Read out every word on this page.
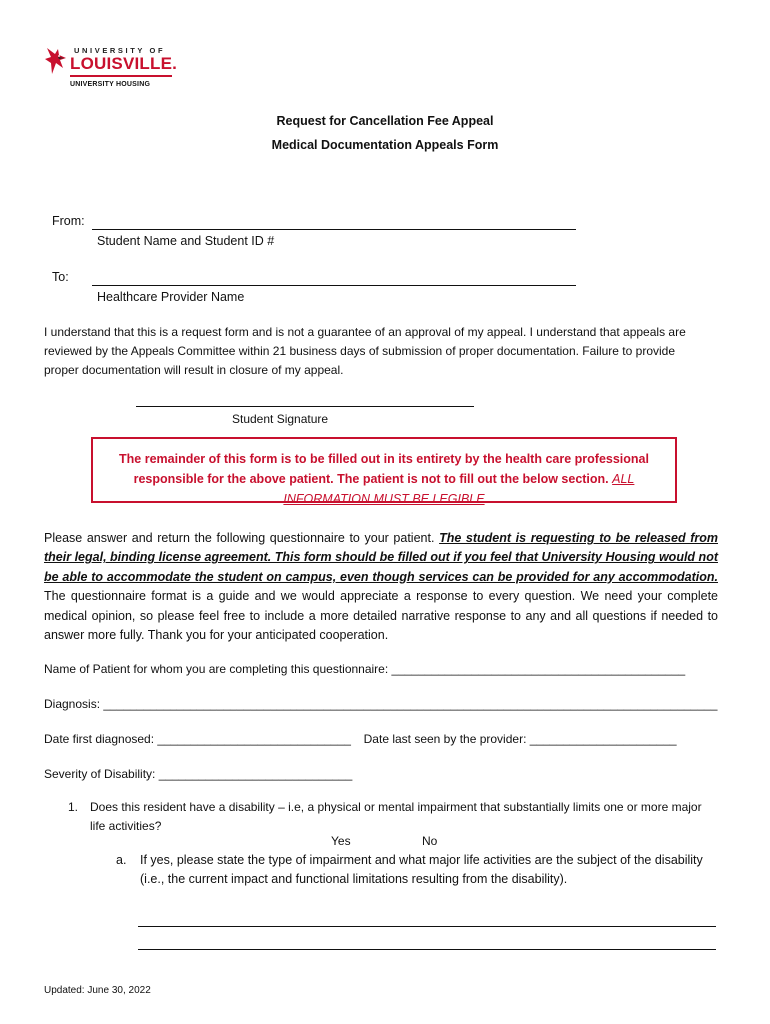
UNIVERSITY OF
LOUISVILLE.
UNIVERSITY HOUSING
Request for Cancellation Fee Appeal
Medical Documentation Appeals Form
From:
Student Name and Student ID #
To:
Healthcare Provider Name
I understand that this is a request form and is not a guarantee of an approval of my appeal. I understand that appeals are reviewed by the Appeals Committee within 21 business days of submission of proper documentation. Failure to provide proper documentation will result in closure of my appeal.
Student Signature
The remainder of this form is to be filled out in its entirety by the health care professional
responsible for the above patient. The patient is not to fill out the below section. ALL INFORMATION MUST BE LEGIBLE
Please answer and return the following questionnaire to your patient. The student is requesting to be released from their legal, binding license agreement. This form should be filled out if you feel that University Housing would not be able to accommodate the student on campus, even though services can be provided for any accommodation. The questionnaire format is a guide and we would appreciate a response to every question. We need your complete medical opinion, so please feel free to include a more detailed narrative response to any and all questions if needed to answer more fully. Thank you for your anticipated cooperation.
Name of Patient for whom you are completing this questionnaire: ____________________________________________
Diagnosis: ____________________________________________________________________________________________
Date first diagnosed: _____________________________ Date last seen by the provider: ______________________
Severity of Disability: _____________________________
1. Does this resident have a disability – i.e, a physical or mental impairment that substantially limits one or more major life activities?
Yes	No
a. If yes, please state the type of impairment and what major life activities are the subject of the disability (i.e., the current impact and functional limitations resulting from the disability).
Updated: June 30, 2022
